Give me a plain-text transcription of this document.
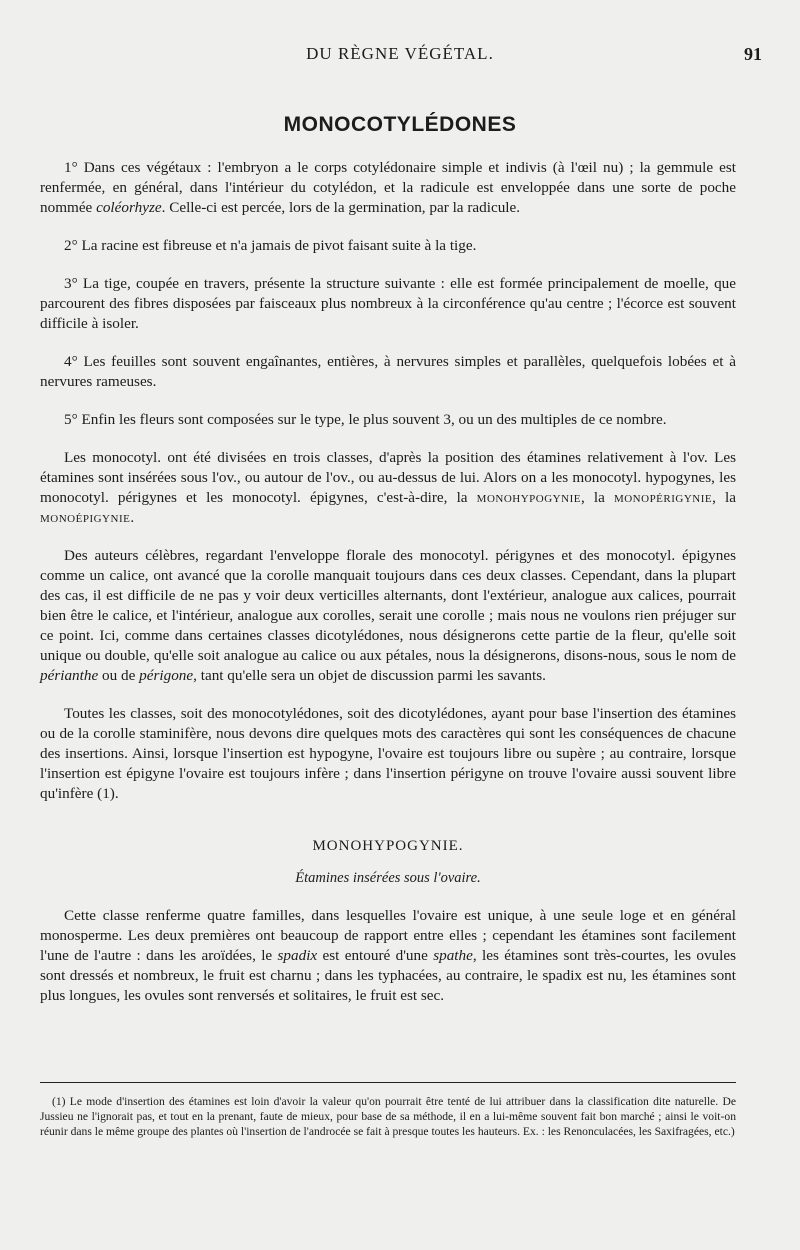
DU RÈGNE VÉGÉTAL.	91
MONOCOTYLÉDONES

1° Dans ces végétaux : l'embryon a le corps cotylédonaire simple et indivis (à l'œil nu) ; la gemmule est renfermée, en général, dans l'intérieur du cotylédon, et la radicule est enveloppée dans une sorte de poche nommée coléorhyze. Celle-ci est percée, lors de la germination, par la radicule.

2° La racine est fibreuse et n'a jamais de pivot faisant suite à la tige.

3° La tige, coupée en travers, présente la structure suivante : elle est formée principalement de moelle, que parcourent des fibres disposées par faisceaux plus nombreux à la circonférence qu'au centre ; l'écorce est souvent difficile à isoler.

4° Les feuilles sont souvent engaînantes, entières, à nervures simples et parallèles, quelquefois lobées et à nervures rameuses.

5° Enfin les fleurs sont composées sur le type, le plus souvent 3, ou un des multiples de ce nombre.

Les monocotyl. ont été divisées en trois classes, d'après la position des étamines relativement à l'ov. Les étamines sont insérées sous l'ov., ou autour de l'ov., ou au-dessus de lui. Alors on a les monocotyl. hypogynes, les monocotyl. périgynes et les monocotyl. épigynes, c'est-à-dire, la monohypogynie, la monopérigynie, la monoépigynie.

Des auteurs célèbres, regardant l'enveloppe florale des monocotyl. périgynes et des monocotyl. épigynes comme un calice, ont avancé que la corolle manquait toujours dans ces deux classes. Cependant, dans la plupart des cas, il est difficile de ne pas y voir deux verticilles alternants, dont l'extérieur, analogue aux calices, pourrait bien être le calice, et l'intérieur, analogue aux corolles, serait une corolle ; mais nous ne voulons rien préjuger sur ce point. Ici, comme dans certaines classes dicotylédones, nous désignerons cette partie de la fleur, qu'elle soit unique ou double, qu'elle soit analogue au calice ou aux pétales, nous la désignerons, disons-nous, sous le nom de périanthe ou de périgone, tant qu'elle sera un objet de discussion parmi les savants.

Toutes les classes, soit des monocotylédones, soit des dicotylédones, ayant pour base l'insertion des étamines ou de la corolle staminifère, nous devons dire quelques mots des caractères qui sont les conséquences de chacune des insertions. Ainsi, lorsque l'insertion est hypogyne, l'ovaire est toujours libre ou supère ; au contraire, lorsque l'insertion est épigyne l'ovaire est toujours infère ; dans l'insertion périgyne on trouve l'ovaire aussi souvent libre qu'infère (1).

MONOHYPOGYNIE.
Étamines insérées sous l'ovaire.

Cette classe renferme quatre familles, dans lesquelles l'ovaire est unique, à une seule loge et en général monosperme. Les deux premières ont beaucoup de rapport entre elles ; cependant les étamines sont facilement l'une de l'autre : dans les aroïdées, le spadix est entouré d'une spathe, les étamines sont très-courtes, les ovules sont dressés et nombreux, le fruit est charnu ; dans les typhacées, au contraire, le spadix est nu, les étamines sont plus longues, les ovules sont renversés et solitaires, le fruit est sec.

(1) Le mode d'insertion des étamines est loin d'avoir la valeur qu'on pourrait être tenté de lui attribuer dans la classification dite naturelle. De Jussieu ne l'ignorait pas, et tout en la prenant, faute de mieux, pour base de sa méthode, il en a lui-même souvent fait bon marché ; ainsi le voit-on réunir dans le même groupe des plantes où l'insertion de l'androcée se fait à presque toutes les hauteurs. Ex. : les Renonculacées, les Saxifragées, etc.)
